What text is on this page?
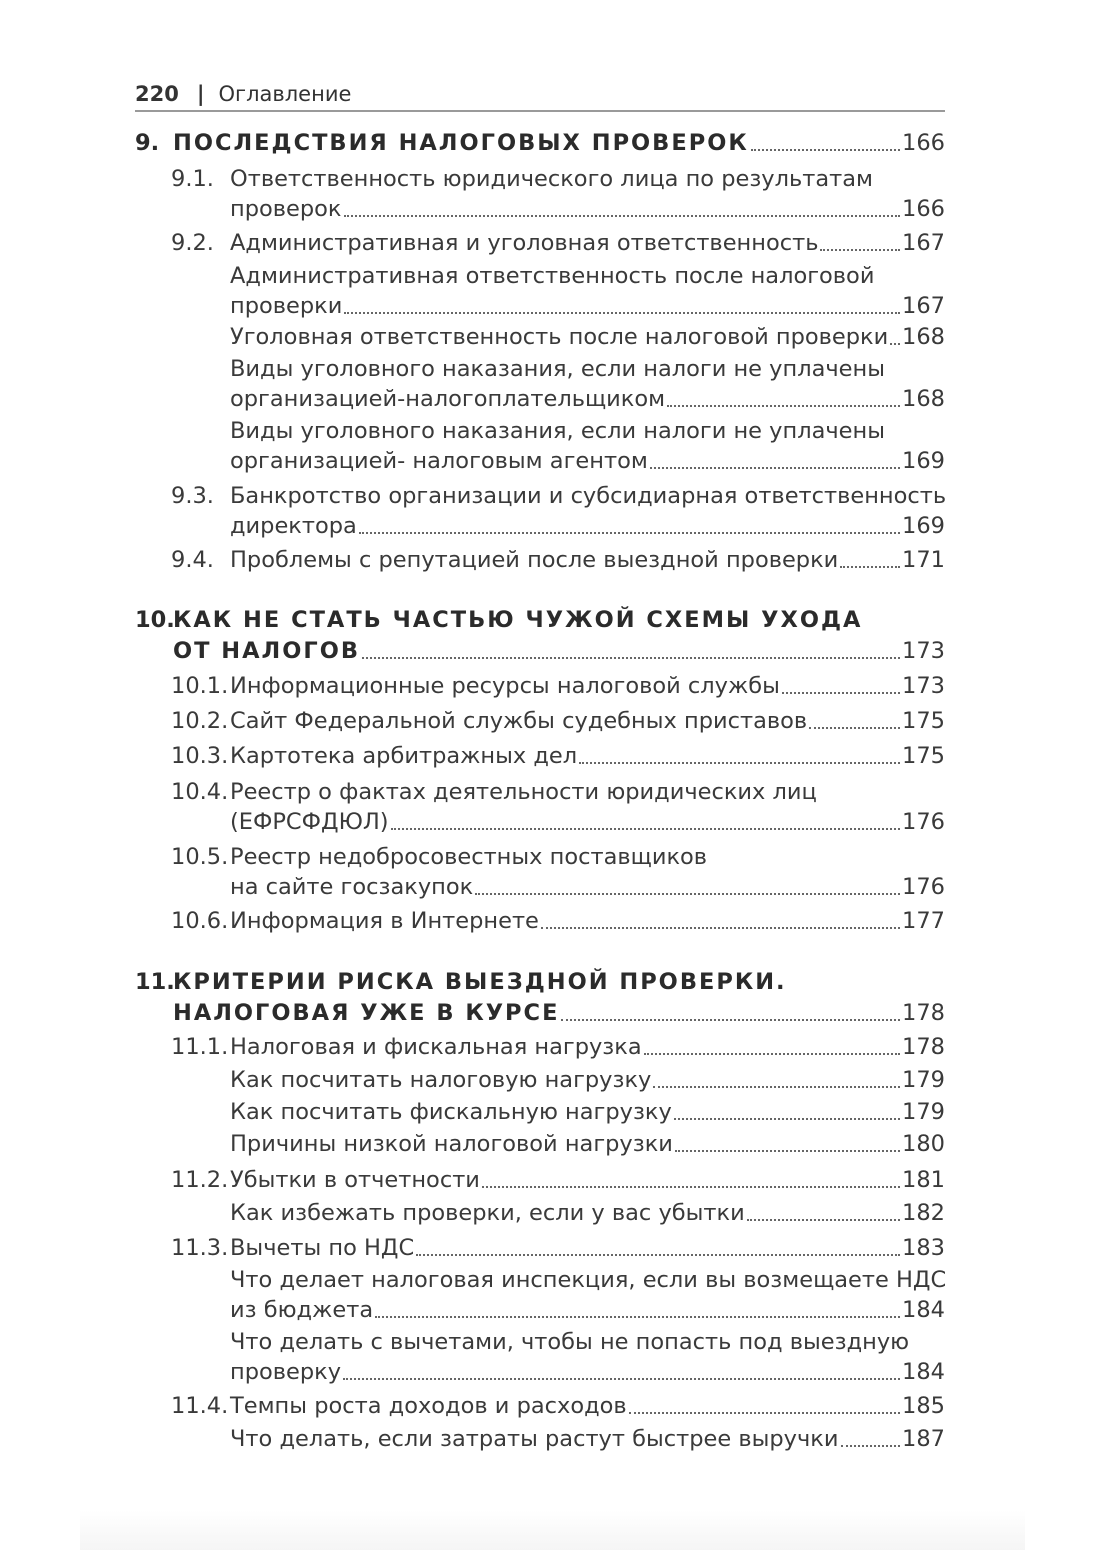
220 | Оглавление
9. ПОСЛЕДСТВИЯ НАЛОГОВЫХ ПРОВЕРОК	166
9.1. Ответственность юридического лица по результатам
проверок	166
9.2. Административная и уголовная ответственность	167
Административная ответственность после налоговой
проверки	167
Уголовная ответственность после налоговой проверки 168
Виды уголовного наказания, если налоги не уплачены
организацией-налогоплательщиком	168
Виды уголовного наказания, если налоги не уплачены
организацией- налоговым агентом	169
9.3. Банкротство организации и субсидиарная ответственность
директора	169
9.4. Проблемы с репутацией после выездной проверки	171
10.
КАК НЕ СТАТЬ ЧАСТЬЮ ЧУЖОЙ СХЕМЫ УХОДА
ОТ НАЛОГОВ	173
10.1. Информационные ресурсы налоговой службы	173
10.2. Сайт Федеральной службы судебных приставов	175
10.3. Картотека арбитражных дел	175
10.4. Реестр о фактах деятельности юридических лиц
(ЕФРСФДЮЛ)	176
10.5. Реестр недобросовестных поставщиков
на сайте госзакупок	176
10.6. Информация в Интернете	177
11.
КРИТЕРИИ РИСКА ВЫЕЗДНОЙ ПРОВЕРКИ.
НАЛОГОВАЯ УЖЕ В КУРСЕ	178
11.1. Налоговая и фискальная нагрузка	178
Как посчитать налоговую нагрузку	179
Как посчитать фискальную нагрузку	179
Причины низкой налоговой нагрузки	180
11.2. Убытки в отчетности	181
Как избежать проверки, если у вас убытки	182
11.3. Вычеты по НДС	183
Что делает налоговая инспекция, если вы возмещаете НДС
из бюджета	184
Что делать с вычетами, чтобы не попасть под выездную
проверку	184
11.4. Темпы роста доходов и расходов	185
Что делать, если затраты растут быстрее выручки	187
